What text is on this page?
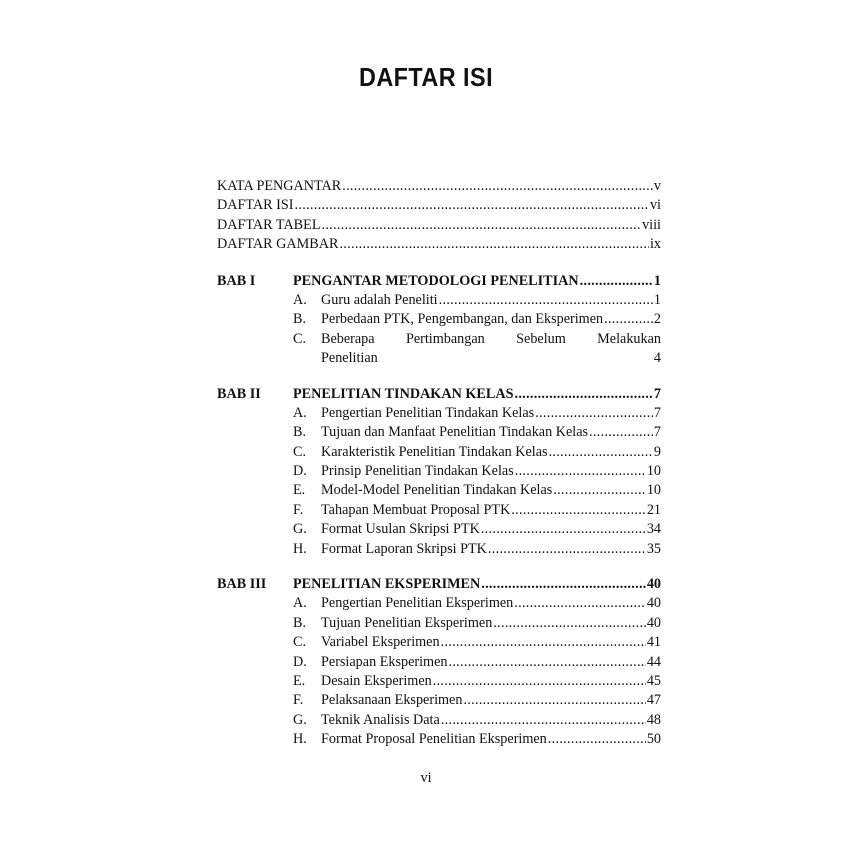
DAFTAR ISI
KATA PENGANTAR .....	v
DAFTAR ISI .....	vi
DAFTAR TABEL .....	viii
DAFTAR GAMBAR .....	ix
BAB I	PENGANTAR METODOLOGI PENELITIAN .....	1
A.	Guru adalah Peneliti .....	1
B.	Perbedaan PTK, Pengembangan, dan Eksperimen .....	2
C.	Beberapa Pertimbangan Sebelum Melakukan
Penelitian	4
BAB II	PENELITIAN TINDAKAN KELAS .....	7
A.	Pengertian Penelitian Tindakan Kelas .....	7
B.	Tujuan dan Manfaat Penelitian Tindakan Kelas .....	7
C.	Karakteristik Penelitian Tindakan Kelas .....	9
D.	Prinsip Penelitian Tindakan Kelas .....	10
E.	Model-Model Penelitian Tindakan Kelas .....	10
F.	Tahapan Membuat Proposal PTK .....	21
G.	Format Usulan Skripsi PTK .....	34
H.	Format Laporan Skripsi PTK .....	35
BAB III	PENELITIAN EKSPERIMEN .....	40
A.	Pengertian Penelitian Eksperimen .....	40
B.	Tujuan Penelitian Eksperimen .....	40
C.	Variabel Eksperimen .....	41
D.	Persiapan Eksperimen .....	44
E.	Desain Eksperimen .....	45
F.	Pelaksanaan Eksperimen .....	47
G.	Teknik Analisis Data .....	48
H.	Format Proposal Penelitian Eksperimen .....	50
vi
